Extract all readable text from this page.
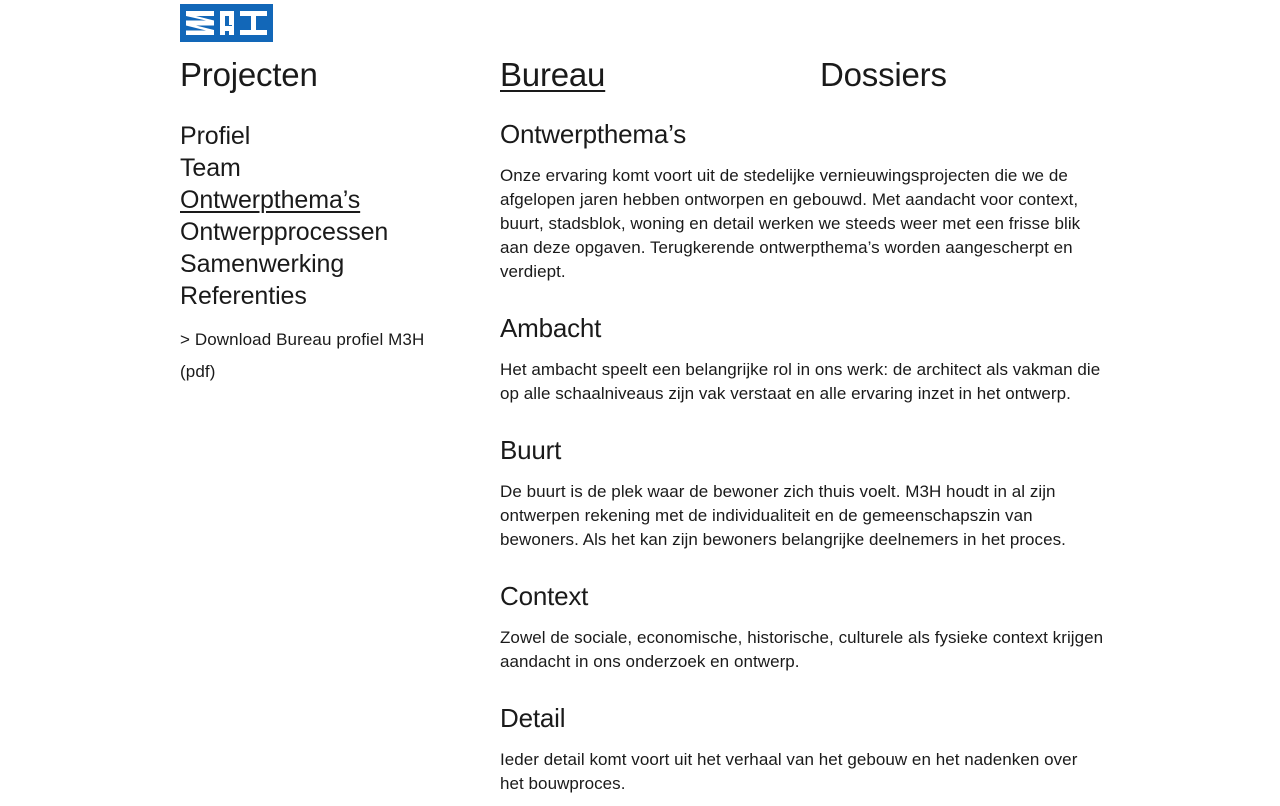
Projecten	Bureau	Dossiers
Profiel
Team
Ontwerpthema’s
Ontwerpprocessen
Samenwerking
Referenties
> Download Bureau profiel M3H (pdf)
Ontwerpthema’s

Onze ervaring komt voort uit de stedelijke vernieuwingsprojecten die we de afgelopen jaren hebben ontworpen en gebouwd. Met aandacht voor context, buurt, stadsblok, woning en detail werken we steeds weer met een frisse blik aan deze opgaven. Terugkerende ontwerpthema’s worden aangescherpt en verdiept.

Ambacht

Het ambacht speelt een belangrijke rol in ons werk: de architect als vakman die op alle schaalniveaus zijn vak verstaat en alle ervaring inzet in het ontwerp.

Buurt

De buurt is de plek waar de bewoner zich thuis voelt. M3H houdt in al zijn ontwerpen rekening met de individualiteit en de gemeenschapszin van bewoners. Als het kan zijn bewoners belangrijke deelnemers in het proces.

Context

Zowel de sociale, economische, historische, culturele als fysieke context krijgen aandacht in ons onderzoek en ontwerp.

Detail

Ieder detail komt voort uit het verhaal van het gebouw en het nadenken over het bouwproces.
